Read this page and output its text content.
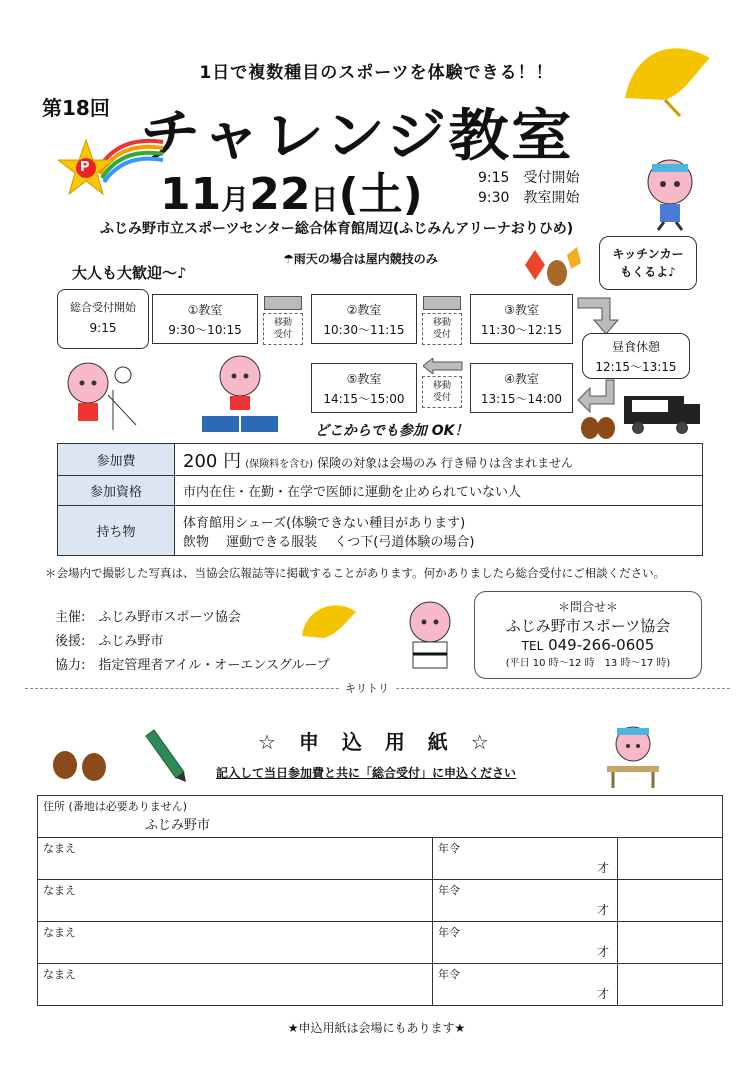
1日で複数種目のスポーツを体験できる！！
第18回 チャレンジ教室
P
11月22日(土)	9:15　受付開始
9:30　教室開始
ふじみ野市立スポーツセンター総合体育館周辺(ふじみんアリーナおりひめ)
大人も大歓迎～♪
☂雨天の場合は屋内競技のみ	キッチンカー
もくるよ♪
総合受付開始
9:15
①教室
9:30～10:15	移動
受付
②教室
10:30～11:15	移動
受付
③教室
11:30～12:15
昼食休憩
12:15～13:15
④教室
13:15～14:00
移動
受付
⑤教室
14:15～15:00
どこからでも参加 OK！
参加費	200 円 (保険料を含む) 保険の対象は会場のみ 行き帰りは含まれません
参加資格	市内在住・在勤・在学で医師に運動を止められていない人
持ち物	体育館用シューズ(体験できない種目があります)
飲物　 運動できる服装　 くつ下(弓道体験の場合)
＊会場内で撮影した写真は、当協会広報誌等に掲載することがあります。何かありましたら総合受付にご相談ください。
主催:　ふじみ野市スポーツ協会
後援:　ふじみ野市
協力:　指定管理者アイル・オーエンスグループ
＊問合せ＊
ふじみ野市スポーツ協会
TEL 049-266-0605
(平日 10 時～12 時　13 時～17 時)
キリトリ
☆ 申 込 用 紙 ☆
記入して当日参加費と共に「総合受付」に申込ください
住所 (番地は必要ありません)
ふじみ野市		

なまえ	年令
才	

なまえ	年令
才	

なまえ	年令
才	

なまえ	年令
才	

★申込用紙は会場にもあります★
